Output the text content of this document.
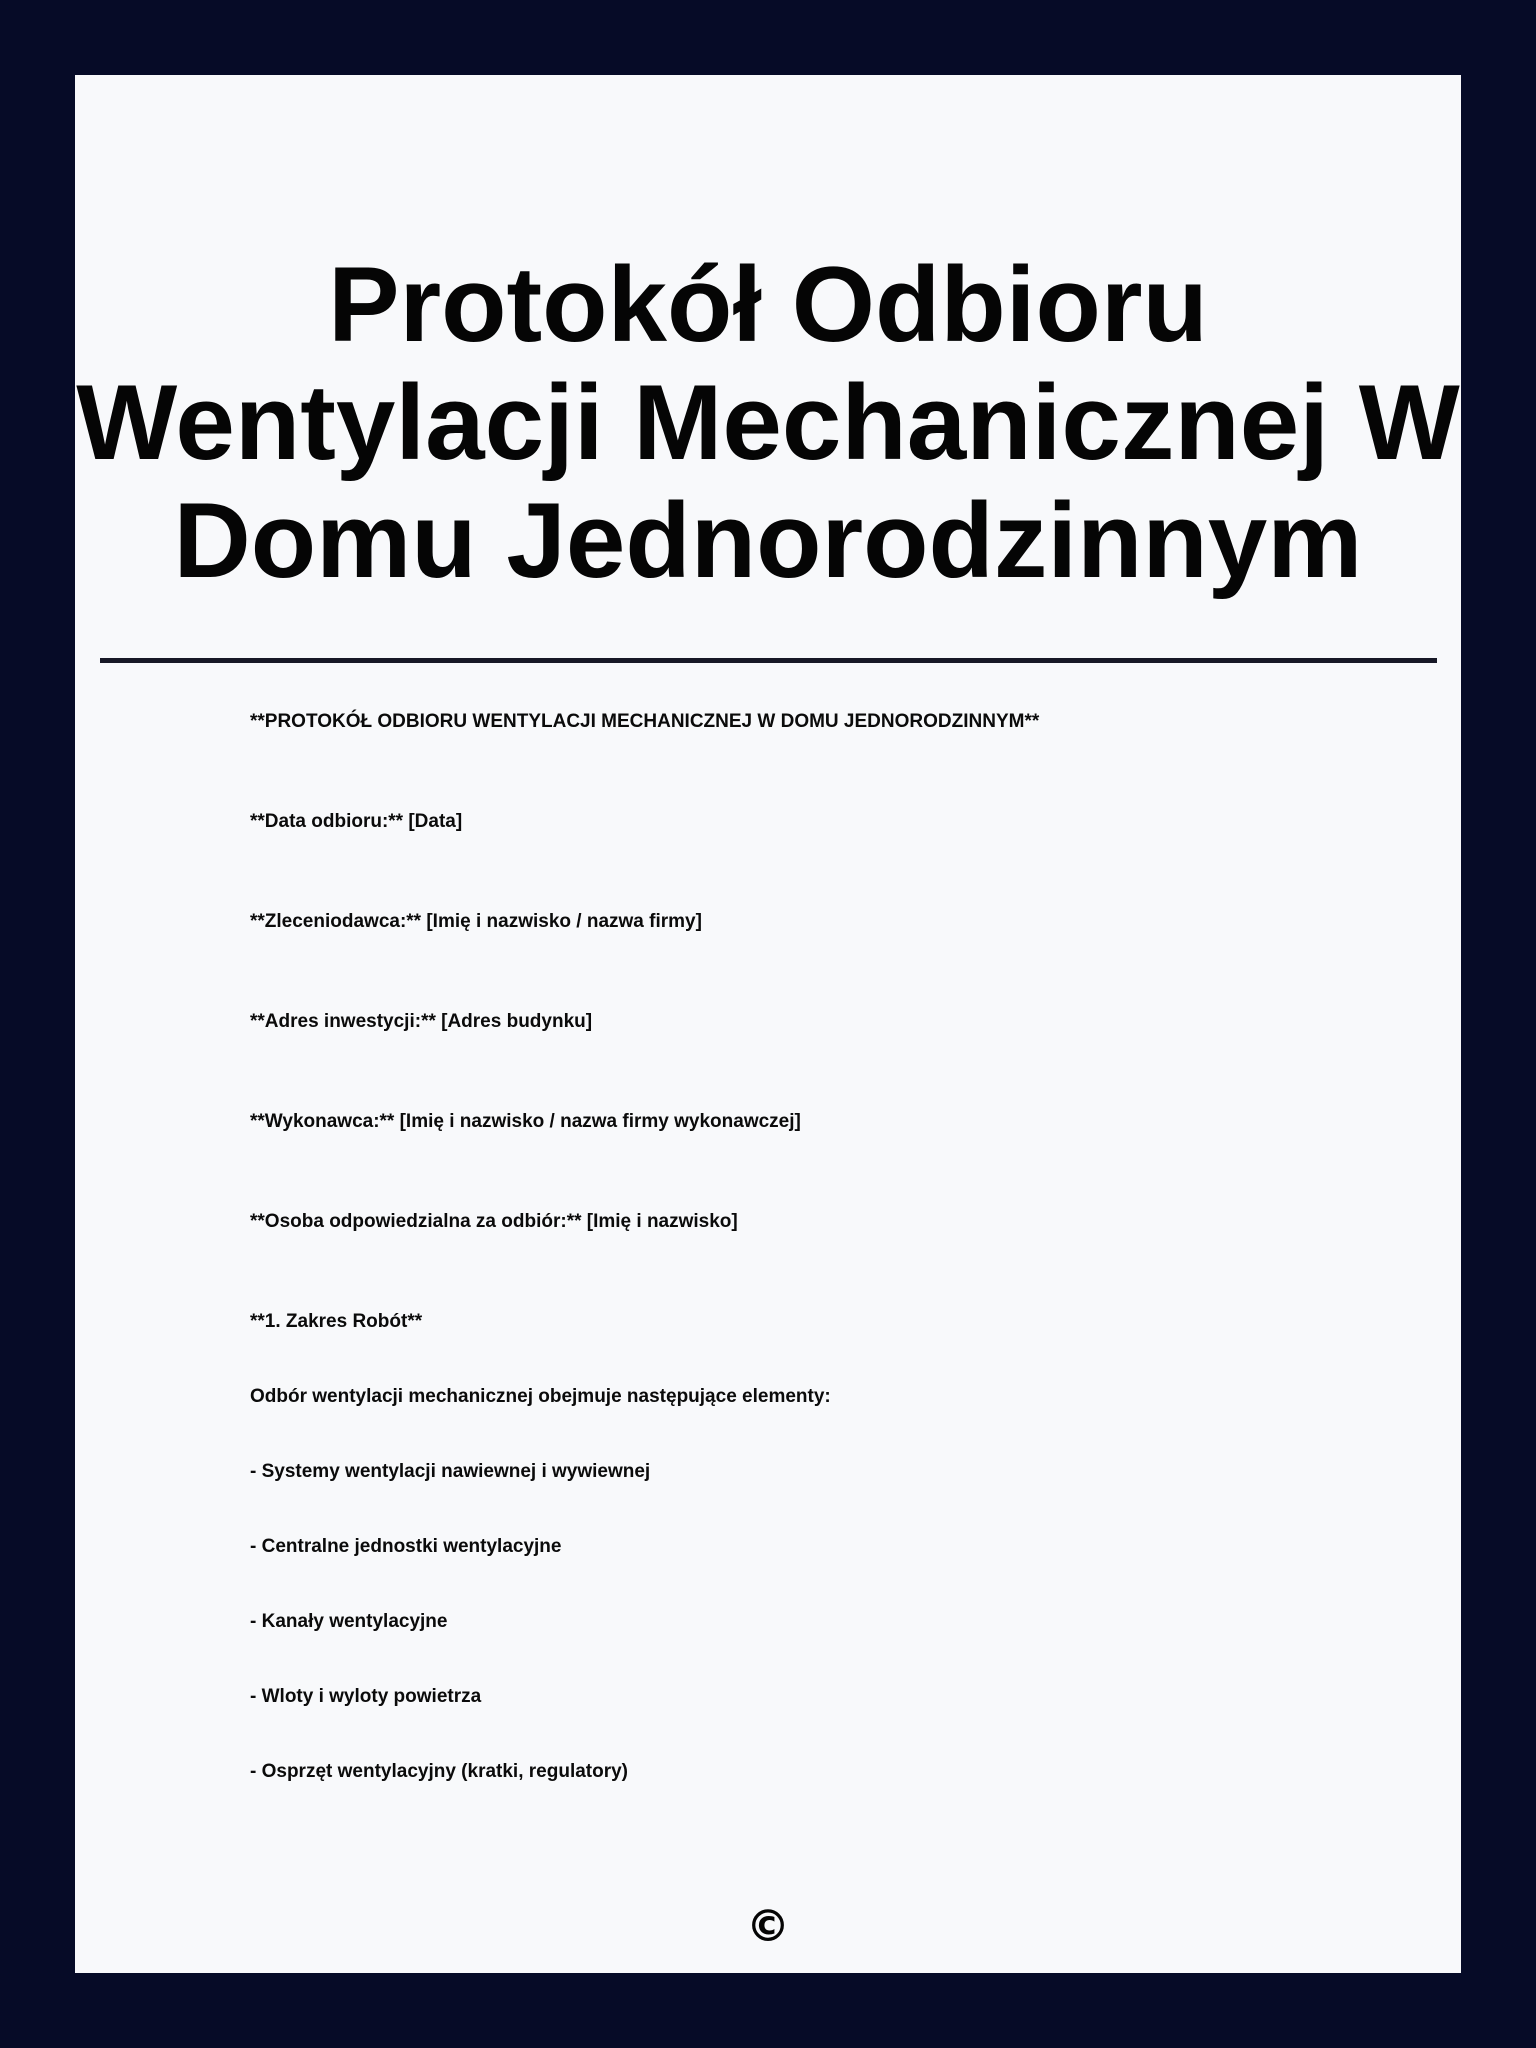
Protokół Odbioru Wentylacji Mechanicznej W Domu Jednorodzinnym

**PROTOKÓŁ ODBIORU WENTYLACJI MECHANICZNEJ W DOMU JEDNORODZINNYM**

**Data odbioru:** [Data]

**Zleceniodawca:** [Imię i nazwisko / nazwa firmy]

**Adres inwestycji:** [Adres budynku]

**Wykonawca:** [Imię i nazwisko / nazwa firmy wykonawczej]

**Osoba odpowiedzialna za odbiór:** [Imię i nazwisko]

**1. Zakres Robót**

Odbór wentylacji mechanicznej obejmuje następujące elementy:

- Systemy wentylacji nawiewnej i wywiewnej

- Centralne jednostki wentylacyjne

- Kanały wentylacyjne

- Wloty i wyloty powietrza

- Osprzęt wentylacyjny (kratki, regulatory)

©
